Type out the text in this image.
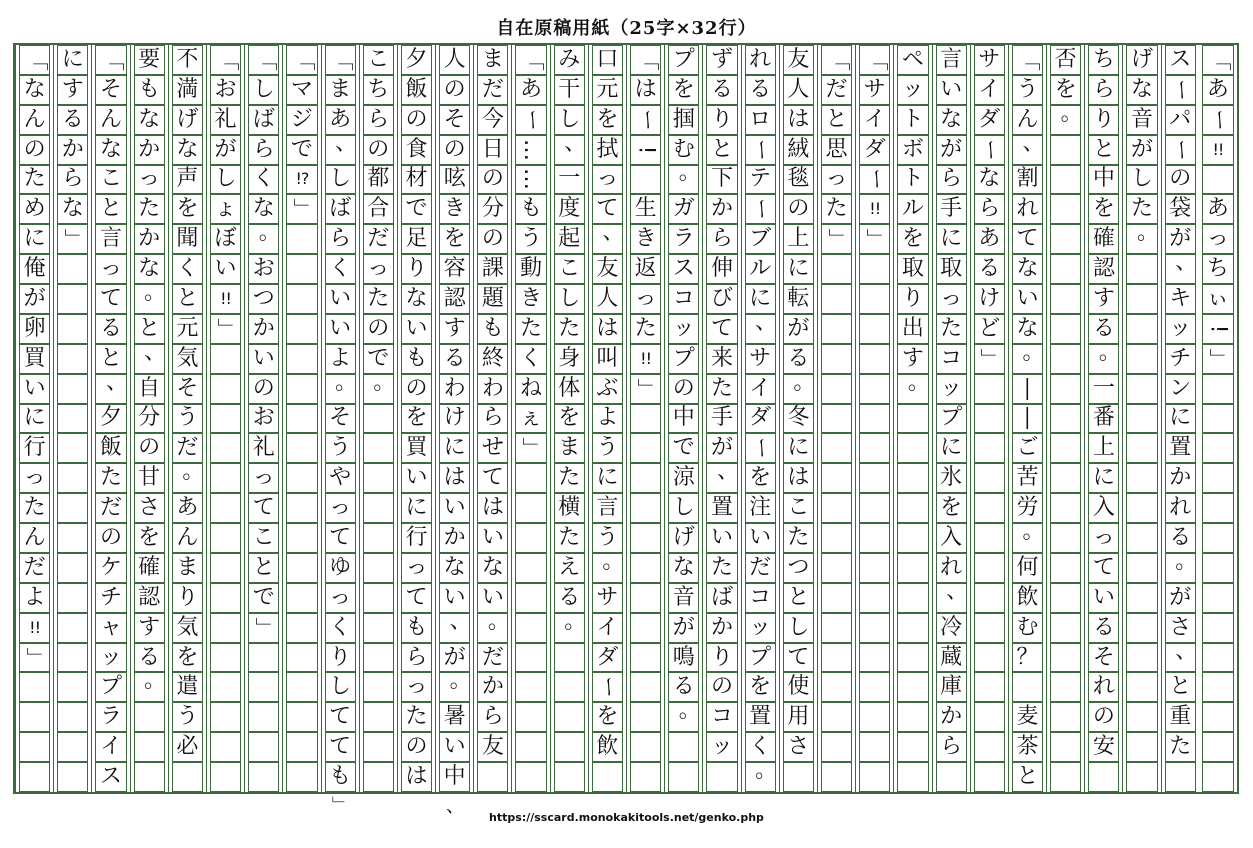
自在原稿用紙（25字×32行）
「
あ
ー
!!

あ
っ
ち
ぃ
!
」
ス
ー
パ
ー
の
袋
が
、
キ
ッ
チ
ン
に
置
か
れ
る
。
が
さ
、
と
重
た
げ
な
音
が
し
た
。
ち
ら
り
と
中
を
確
認
す
る
。
一
番
上
に
入
っ
て
い
る
そ
れ
の
安
否
を
。
「
う
ん
、
割
れ
て
な
い
な
。
―
―
ご
苦
労
。
何
飲
む
？

麦
茶
と
サ
イ
ダ
ー
な
ら
あ
る
け
ど
」
言
い
な
が
ら
手
に
取
っ
た
コ
ッ
プ
に
氷
を
入
れ
、
冷
蔵
庫
か
ら
ペ
ッ
ト
ボ
ト
ル
を
取
り
出
す
。
「
サ
イ
ダ
ー
!!
」
「
だ
と
思
っ
た
」
友
人
は
絨
毯
の
上
に
転
が
る
。
冬
に
は
こ
た
つ
と
し
て
使
用
さ
れ
る
ロ
ー
テ
ー
ブ
ル
に
、
サ
イ
ダ
ー
を
注
い
だ
コ
ッ
プ
を
置
く
。
ず
る
り
と
下
か
ら
伸
び
て
来
た
手
が
、
置
い
た
ば
か
り
の
コ
ッ
プ
を
掴
む
。
ガ
ラ
ス
コ
ッ
プ
の
中
で
涼
し
げ
な
音
が
鳴
る
。
「
は
ー
!

生
き
返
っ
た
!!
」
口
元
を
拭
っ
て
、
友
人
は
叫
ぶ
よ
う
に
言
う
。
サ
イ
ダ
ー
を
飲
み
干
し
、
一
度
起
こ
し
た
身
体
を
ま
た
横
た
え
る
。
「
あ
ー
…
…
も
う
動
き
た
く
ね
ぇ
」
ま
だ
今
日
の
分
の
課
題
も
終
わ
ら
せ
て
は
い
な
い
。
だ
か
ら
友
人
の
そ
の
呟
き
を
容
認
す
る
わ
け
に
は
い
か
な
い
、
が
。
暑
い
中
、
夕
飯
の
食
材
で
足
り
な
い
も
の
を
買
い
に
行
っ
て
も
ら
っ
た
の
は
こ
ち
ら
の
都
合
だ
っ
た
の
で
。
「
ま
あ
、
し
ば
ら
く
い
い
よ
。
そ
う
や
っ
て
ゆ
っ
く
り
し
て
て
も
」
「
マ
ジ
で
!?
」
「
し
ば
ら
く
な
。
お
つ
か
い
の
お
礼
っ
て
こ
と
で
」
「
お
礼
が
し
ょ
ぼ
い
!!
」
不
満
げ
な
声
を
聞
く
と
元
気
そ
う
だ
。
あ
ん
ま
り
気
を
遣
う
必
要
も
な
か
っ
た
か
な
。
と
、
自
分
の
甘
さ
を
確
認
す
る
。
「
そ
ん
な
こ
と
言
っ
て
る
と
、
夕
飯
た
だ
の
ケ
チ
ャ
ッ
プ
ラ
イ
ス
に
す
る
か
ら
な
」
「
な
ん
の
た
め
に
俺
が
卵
買
い
に
行
っ
た
ん
だ
よ
!!
」
https://sscard.monokakitools.net/genko.php
